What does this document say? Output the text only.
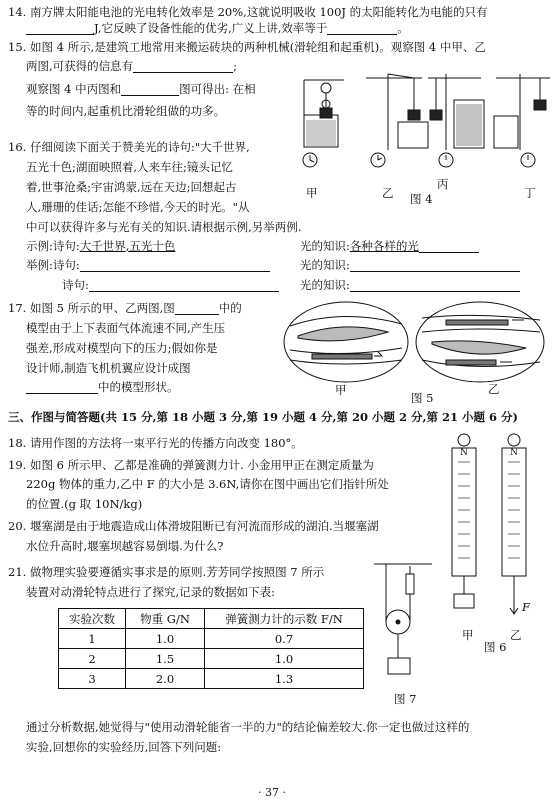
14. 南方牌太阳能电池的光电转化效率是 20%,这就说明吸收 100J 的太阳能转化为电能的只有
J,它反映了设备性能的优劣,广义上讲,效率等于	。
15. 如图 4 所示,是建筑工地常用来搬运砖块的两种机械(滑轮组和起重机)。观察图 4 中甲、乙
两图,可获得的信息有	;
观察图 4 中丙图和	图可得出: 在相
等的时间内,起重机比滑轮组做的功多。
甲	乙
丙
丁
图 4
16. 仔细阅读下面关于赞美光的诗句:"大千世界,
五光十色;湖面映照着,人来车往;镜头记忆
着,世事沧桑;宇宙鸿蒙,远在天边;回想起古
人,珊珊的佳话;怎能不珍惜,今天的时光。"从
中可以获得许多与光有关的知识.请根据示例,另举两例.
示例:诗句:大千世界,五光十色	光的知识:各种各样的光
举例:诗句:	光的知识:
诗句:	光的知识:
17. 如图 5 所示的甲、乙两图,图	中的
模型由于上下表面气体流速不同,产生压
强差,形成对模型向下的压力;假如你是
设计师,制造飞机机翼应设计成图
中的模型形状。	甲
图 5
乙
三、作图与简答题(共 15 分,第 18 小题 3 分,第 19 小题 4 分,第 20 小题 2 分,第 21 小题 6 分)
18. 请用作图的方法将一束平行光的传播方向改变 180°。
19. 如图 6 所示甲、乙都是准确的弹簧测力计. 小金用甲正在测定质量为
220g 物体的重力,乙中 F 的大小是 3.6N,请你在图中画出它们指针所处
的位置.(g 取 10N/kg)
20. 堰塞湖是由于地震造成山体滑坡阻断已有河流而形成的湖泊.当堰塞湖
水位升高时,堰塞坝越容易倒塌.为什么?
N	N
F
甲	乙
图 6
21. 做物理实验要遵循实事求是的原则.芳芳同学按照图 7 所示
装置对动滑轮特点进行了探究,记录的数据如下表:
实验次数	物重 G/N	弹簧测力计的示数 F/N
1	1.0	0.7
2	1.5	1.0
3	2.0	1.3
图 7
通过分析数据,她觉得与"使用动滑轮能省一半的力"的结论偏差较大.你一定也做过这样的
实验,回想你的实验经历,回答下列问题:
· 37 ·
